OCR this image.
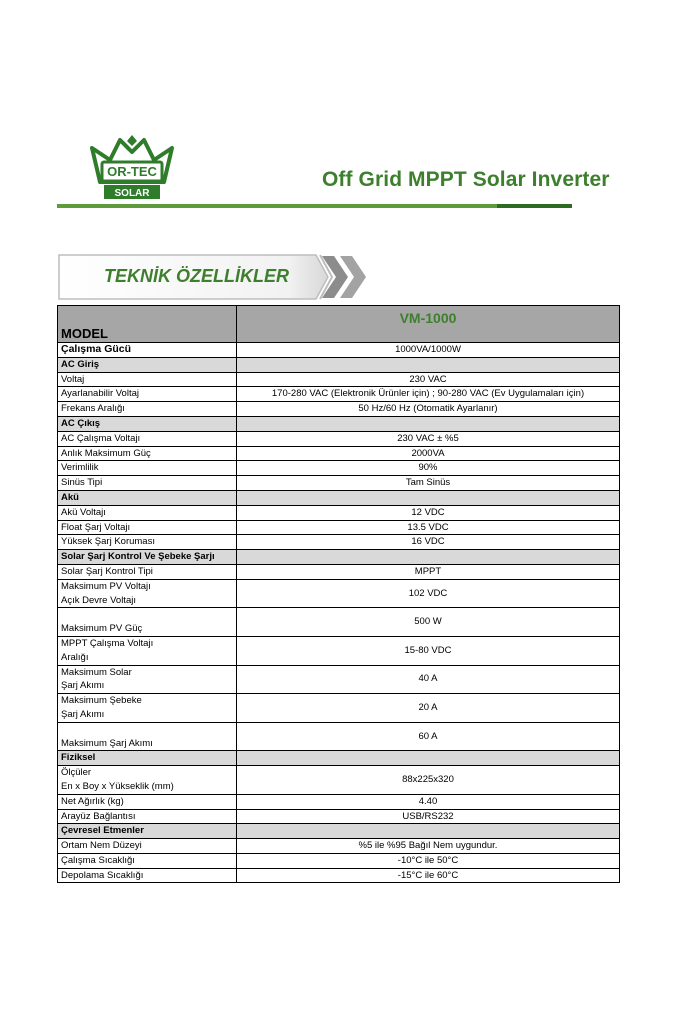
OR-TEC
SOLAR
Off Grid MPPT Solar Inverter
TEKNİK ÖZELLİKLER
MODEL	VM-1000
Çalışma Gücü	1000VA/1000W
AC Giriş	

Voltaj	230 VAC

Ayarlanabilir Voltaj	170-280 VAC (Elektronik Ürünler için) ; 90-280 VAC (Ev Uygulamaları için)

Frekans Aralığı	50 Hz/60 Hz (Otomatik Ayarlanır)
AC Çıkış	

AC Çalışma Voltajı	230 VAC ± %5

Anlık Maksimum Güç	2000VA

Verimlilik	90%

Sinüs Tipi	Tam Sinüs
Akü	

Akü Voltajı	12 VDC

Float Şarj Voltajı	13.5 VDC

Yüksek Şarj Koruması	16 VDC
Solar Şarj Kontrol Ve Şebeke Şarjı	

Solar Şarj Kontrol Tipi	MPPT

Maksimum PV Voltajı
Açık Devre Voltajı	102 VDC

Maksimum PV Güç	500 W

MPPT Çalışma Voltajı
Aralığı	15-80 VDC

Maksimum Solar
Şarj Akımı	40 A

Maksimum Şebeke
Şarj Akımı	20 A

Maksimum Şarj Akımı	60 A
Fiziksel	

Ölçüler
En x Boy x Yükseklik (mm)	88x225x320

Net Ağırlık (kg)	4.40

Arayüz Bağlantısı	USB/RS232
Çevresel Etmenler	

Ortam Nem Düzeyi	%5 ile %95 Bağıl Nem uygundur.

Çalışma Sıcaklığı	-10°C ile 50°C

Depolama Sıcaklığı	-15°C ile 60°C
